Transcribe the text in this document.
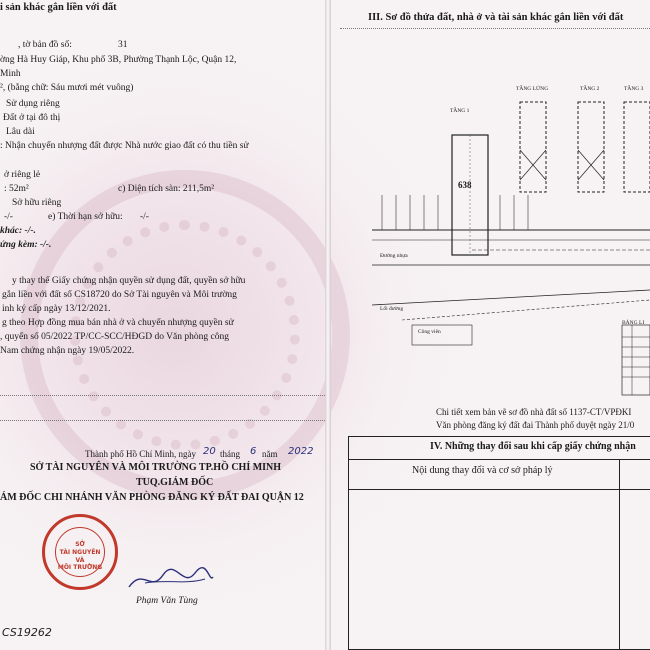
i sản khác gắn liền với đất
, tờ bản đồ số:	31
ờng Hà Huy Giáp, Khu phố 3B, Phường Thạnh Lộc, Quận 12,
Minh
², (bằng chữ: Sáu mươi mét vuông)
Sử dụng riêng
Đất ở tại đô thị
Lâu dài
: Nhận chuyển nhượng đất được Nhà nước giao đất có thu tiền sử
ở riêng lẻ
: 52m²	c) Diện tích sàn: 211,5m²
Sở hữu riêng
-/-	e) Thời hạn sở hữu: -/-
khác: -/-.
ứng kèm: -/-.
y thay thế Giấy chứng nhận quyền sử dụng đất, quyền sở hữu
gắn liền với đất số CS18720 do Sở Tài nguyên và Môi trường
inh ký cấp ngày 13/12/2021.
g theo Hợp đồng mua bán nhà ở và chuyển nhượng quyền sử
, quyển số 05/2022 TP/CC-SCC/HĐGD do Văn phòng công
Nam chứng nhận ngày 19/05/2022.
Thành phố Hồ Chí Minh, ngày 20 tháng 6 năm 2022
SỞ TÀI NGUYÊN VÀ MÔI TRƯỜNG TP.HỒ CHÍ MINH
TUQ.GIÁM ĐỐC
ÁM ĐỐC CHI NHÁNH VĂN PHÒNG ĐĂNG KÝ ĐẤT ĐAI QUẬN 12
SỞ
TÀI NGUYÊN
VÀ
MÔI TRƯỜNG
Phạm Văn Tùng
CS19262
III. Sơ đồ thửa đất, nhà ở và tài sản khác gắn liền với đất
TẦNG 1
TẦNG LỬNG	TẦNG 2	TẦNG 3
638
Đường nhựa
Lối đường
Công viên
BẢNG LI
Chi tiết xem bản vẽ sơ đồ nhà đất số 1137-CT/VPĐKI
Văn phòng đăng ký đất đai Thành phố duyệt ngày 21/0
IV. Những thay đổi sau khi cấp giấy chứng nhận
Nội dung thay đổi và cơ sở pháp lý
